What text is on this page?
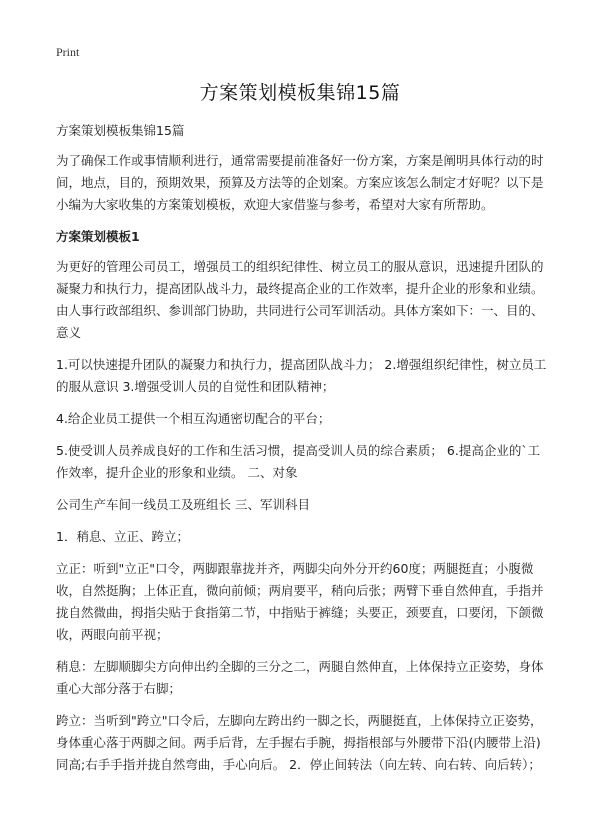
Print
方案策划模板集锦15篇

方案策划模板集锦15篇

为了确保工作或事情顺利进行，通常需要提前准备好一份方案，方案是阐明具体行动的时间，地点，目的，预期效果，预算及方法等的企划案。方案应该怎么制定才好呢？以下是小编为大家收集的方案策划模板，欢迎大家借鉴与参考，希望对大家有所帮助。

方案策划模板1

为更好的管理公司员工，增强员工的组织纪律性、树立员工的服从意识，迅速提升团队的凝聚力和执行力，提高团队战斗力，最终提高企业的工作效率，提升企业的形象和业绩。由人事行政部组织、参训部门协助，共同进行公司军训活动。具体方案如下：一、目的、意义

1.可以快速提升团队的凝聚力和执行力，提高团队战斗力； 2.增强组织纪律性，树立员工的服从意识 3.增强受训人员的自觉性和团队精神；

4.给企业员工提供一个相互沟通密切配合的平台；

5.使受训人员养成良好的工作和生活习惯，提高受训人员的综合素质； 6.提高企业的`工作效率，提升企业的形象和业绩。 二、对象

公司生产车间一线员工及班组长 三、军训科目

1．稍息、立正、跨立；

立正：听到"立正"口令，两脚跟靠拢并齐，两脚尖向外分开约60度；两腿挺直；小腹微收，自然挺胸；上体正直，微向前倾；两肩要平，稍向后张；两臂下垂自然伸直，手指并拢自然微曲，拇指尖贴于食指第二节，中指贴于裤缝；头要正，颈要直，口要闭，下颌微收，两眼向前平视；

稍息：左脚顺脚尖方向伸出约全脚的三分之二，两腿自然伸直，上体保持立正姿势，身体重心大部分落于右脚；

跨立：当听到"跨立"口令后，左脚向左跨出约一脚之长，两腿挺直，上体保持立正姿势，身体重心落于两脚之间。两手后背，左手握右手腕，拇指根部与外腰带下沿(内腰带上沿)同高;右手手指并拢自然弯曲，手心向后。 2．停止间转法（向左转、向右转、向后转）；
